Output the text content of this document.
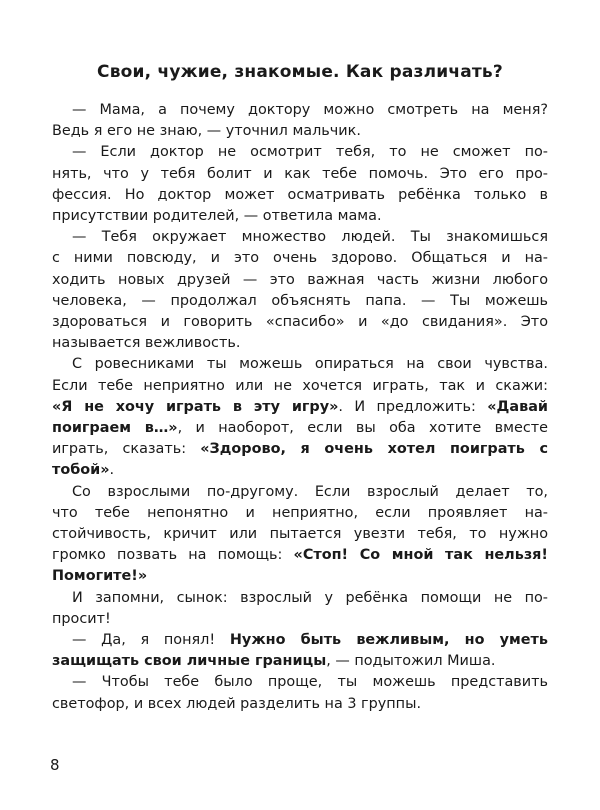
Свои, чужие, знакомые. Как различать?
— Мама, а почему доктору можно смотреть на меня?
Ведь я его не знаю, — уточнил мальчик.
— Если доктор не осмотрит тебя, то не сможет по-
нять, что у тебя болит и как тебе помочь. Это его про-
фессия. Но доктор может осматривать ребёнка только в
присутствии родителей, — ответила мама.
— Тебя окружает множество людей. Ты знакомишься
с ними повсюду, и это очень здорово. Общаться и на-
ходить новых друзей — это важная часть жизни любого
человека, — продолжал объяснять папа. — Ты можешь
здороваться и говорить «спасибо» и «до свидания». Это
называется вежливость.
С ровесниками ты можешь опираться на свои чувства.
Если тебе неприятно или не хочется играть, так и скажи:
«Я не хочу играть в эту игру». И предложить: «Давай
поиграем в…», и наоборот, если вы оба хотите вместе
играть, сказать: «Здорово, я очень хотел поиграть с
тобой».
Со взрослыми по-другому. Если взрослый делает то,
что тебе непонятно и неприятно, если проявляет на-
стойчивость, кричит или пытается увезти тебя, то нужно
громко позвать на помощь: «Стоп! Со мной так нельзя!
Помогите!»
И запомни, сынок: взрослый у ребёнка помощи не по-
просит!
— Да, я понял! Нужно быть вежливым, но уметь
защищать свои личные границы, — подытожил Миша.
— Чтобы тебе было проще, ты можешь представить
светофор, и всех людей разделить на 3 группы.
8
